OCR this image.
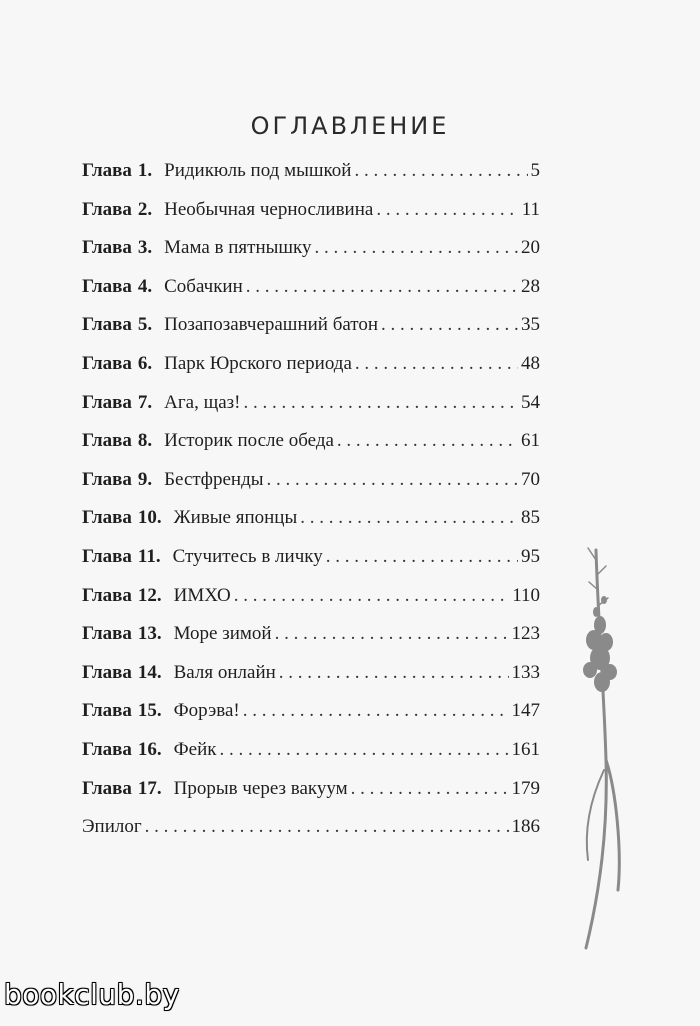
ОГЛАВЛЕНИЕ
Глава 1. Ридикюль под мышкой . . .	5
Глава 2. Необычная черносливина . . .	11
Глава 3. Мама в пятнышку . . .	20
Глава 4. Собачкин . . .	28
Глава 5. Позапозавчерашний батон . . .	35
Глава 6. Парк Юрского периода . . .	48
Глава 7. Ага, щаз! . . .	54
Глава 8. Историк после обеда . . .	61
Глава 9. Бестфренды . . .	70
Глава 10. Живые японцы . . .	85
Глава 11. Стучитесь в личку . . .	95
Глава 12. ИМХО . . .	110
Глава 13. Море зимой . . .	123
Глава 14. Валя онлайн . . .	133
Глава 15. Форэва! . . .	147
Глава 16. Фейк . . .	161
Глава 17. Прорыв через вакуум . . .	179
Эпилог . . .	186
bookclub.by
